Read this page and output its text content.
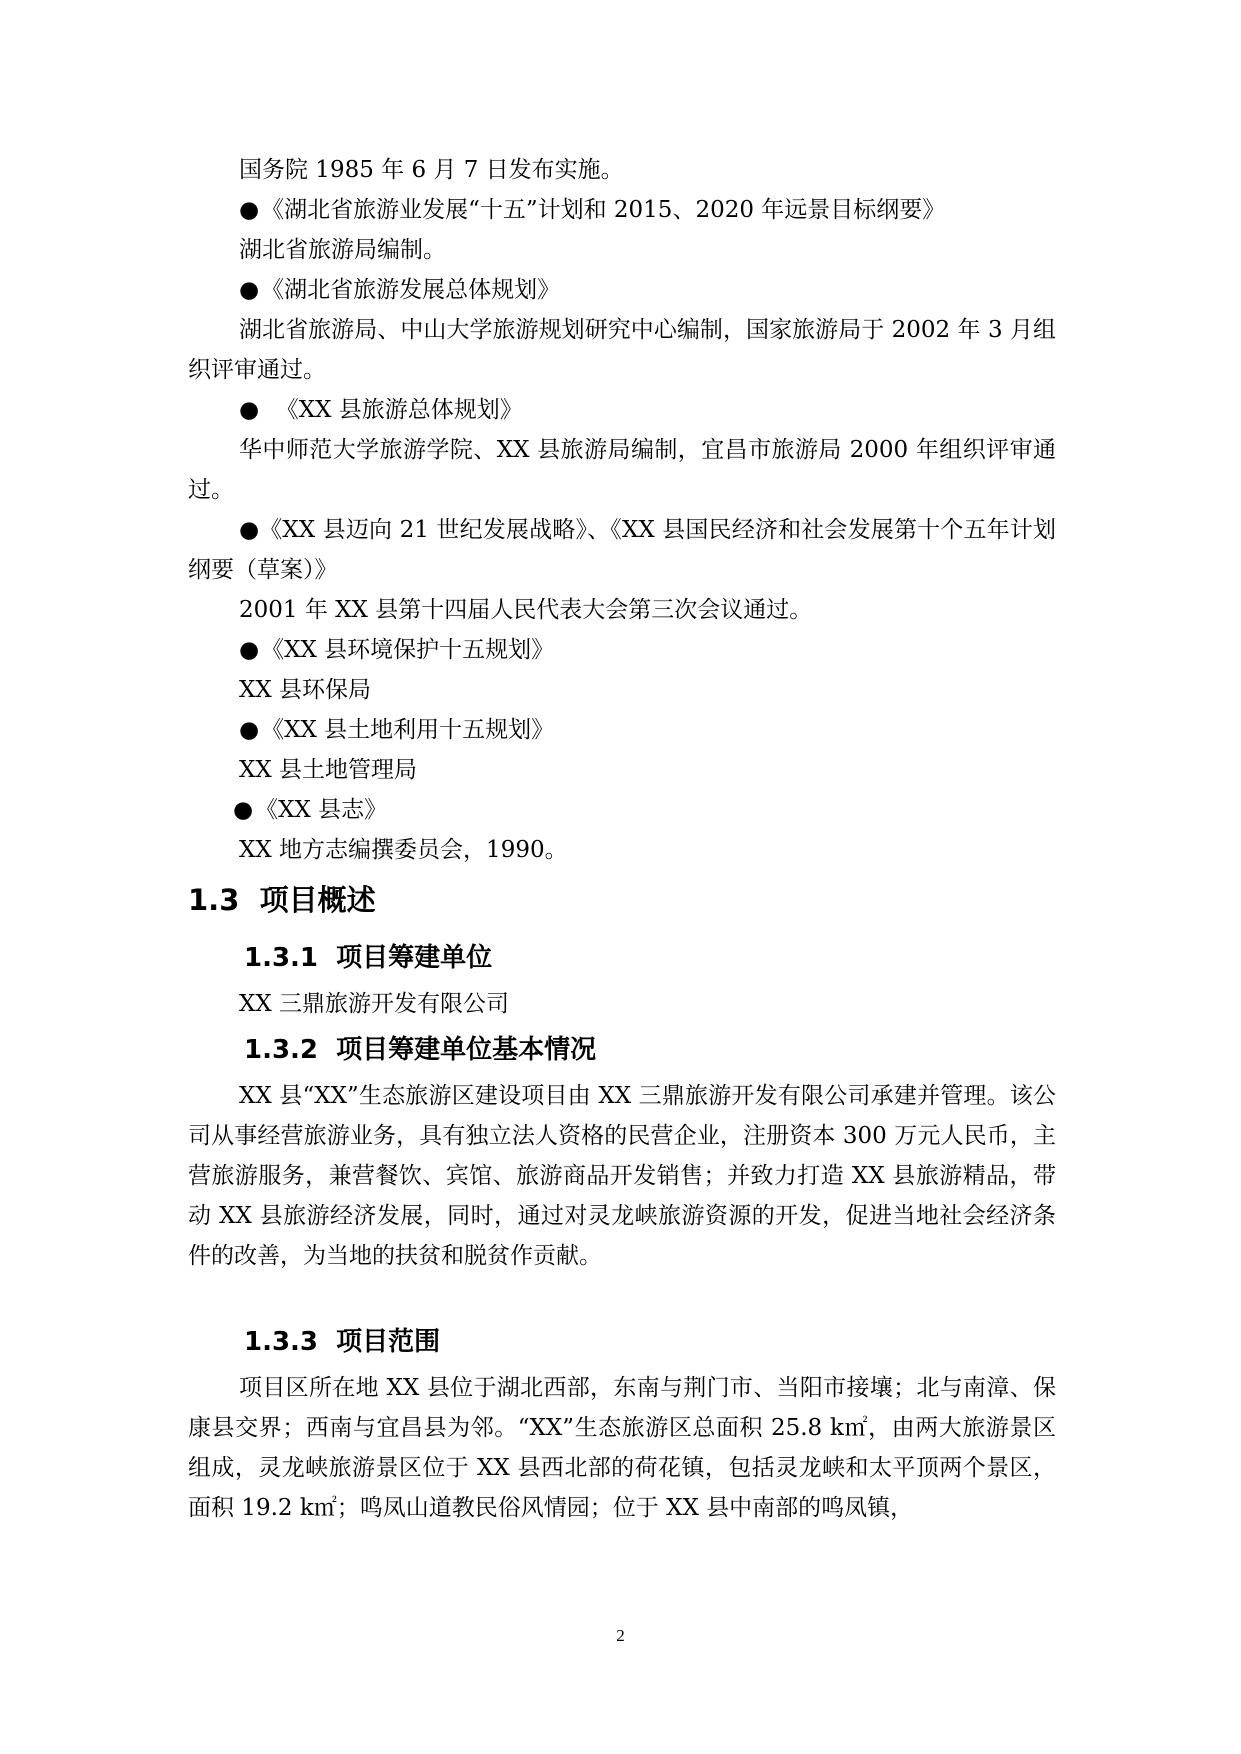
国务院 1985 年 6 月 7 日发布实施。

●《湖北省旅游业发展“十五”计划和 2015、2020 年远景目标纲要》

湖北省旅游局编制。

●《湖北省旅游发展总体规划》

湖北省旅游局、中山大学旅游规划研究中心编制，国家旅游局于 2002 年 3 月组织评审通过。

●  《XX 县旅游总体规划》

华中师范大学旅游学院、XX 县旅游局编制，宜昌市旅游局 2000 年组织评审通过。

●《XX 县迈向 21 世纪发展战略》、《XX 县国民经济和社会发展第十个五年计划纲要（草案）》

2001 年 XX 县第十四届人民代表大会第三次会议通过。

●《XX 县环境保护十五规划》

XX 县环保局

●《XX 县土地利用十五规划》

XX 县土地管理局

●《XX 县志》

XX 地方志编撰委员会，1990。

1.3  项目概述
1.3.1  项目筹建单位

XX 三鼎旅游开发有限公司

1.3.2  项目筹建单位基本情况

XX 县“XX”生态旅游区建设项目由 XX 三鼎旅游开发有限公司承建并管理。该公司从事经营旅游业务，具有独立法人资格的民营企业，注册资本 300 万元人民币，主营旅游服务，兼营餐饮、宾馆、旅游商品开发销售；并致力打造 XX 县旅游精品，带动 XX 县旅游经济发展，同时，通过对灵龙峡旅游资源的开发，促进当地社会经济条件的改善，为当地的扶贫和脱贫作贡献。

1.3.3  项目范围

项目区所在地 XX 县位于湖北西部，东南与荆门市、当阳市接壤；北与南漳、保康县交界；西南与宜昌县为邻。“XX”生态旅游区总面积 25.8 k㎡，由两大旅游景区组成，灵龙峡旅游景区位于 XX 县西北部的荷花镇，包括灵龙峡和太平顶两个景区，面积 19.2 k㎡；鸣凤山道教民俗风情园；位于 XX 县中南部的鸣凤镇，

2
